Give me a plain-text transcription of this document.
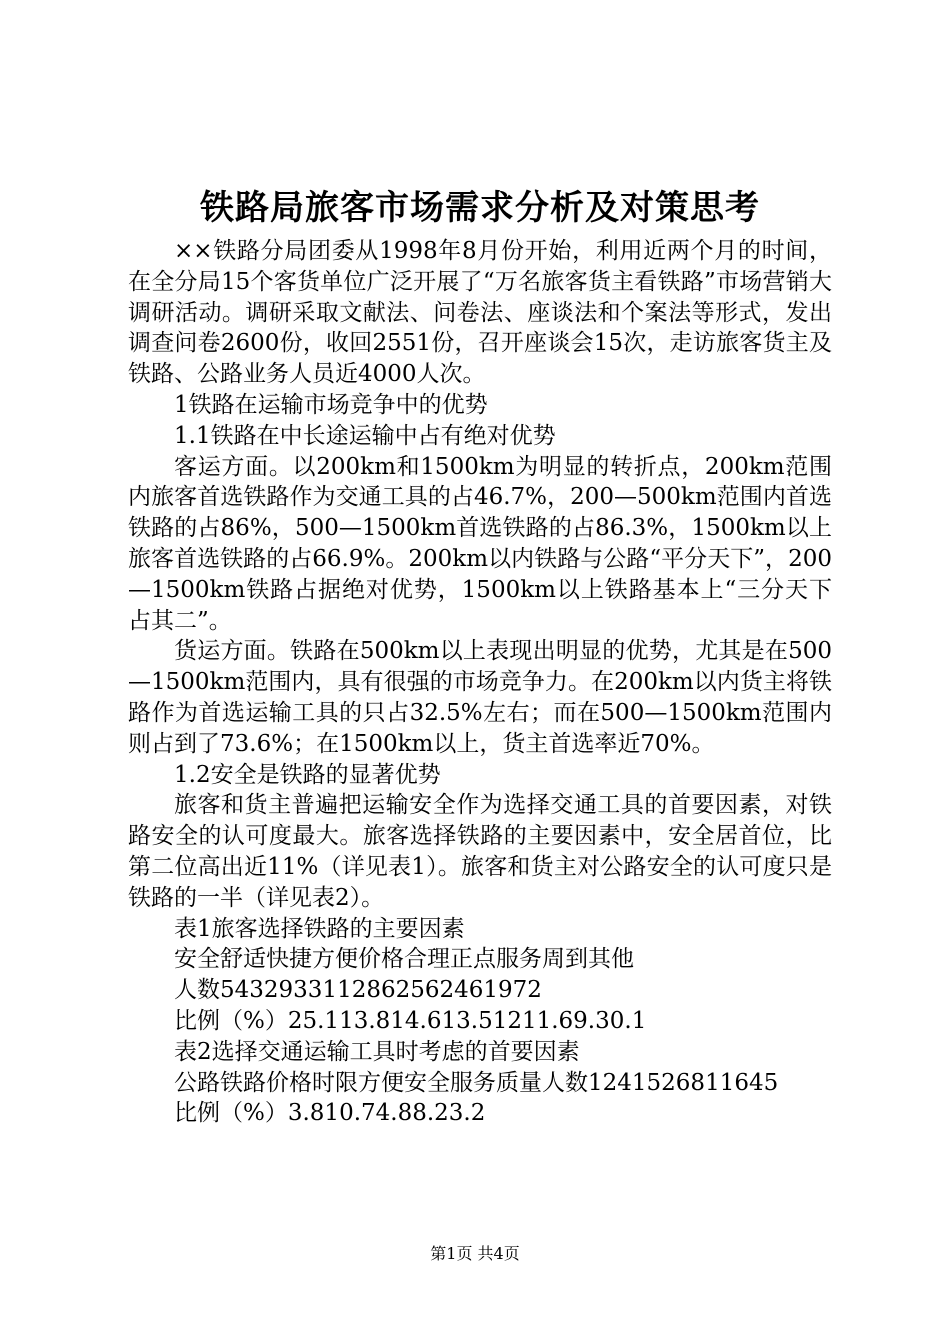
铁路局旅客市场需求分析及对策思考

××铁路分局团委从1998年8月份开始，利用近两个月的时间，在全分局15个客货单位广泛开展了“万名旅客货主看铁路”市场营销大调研活动。调研采取文献法、问卷法、座谈法和个案法等形式，发出调查问卷2600份，收回2551份，召开座谈会15次，走访旅客货主及铁路、公路业务人员近4000人次。

1铁路在运输市场竞争中的优势

1.1铁路在中长途运输中占有绝对优势

客运方面。以200km和1500km为明显的转折点，200km范围内旅客首选铁路作为交通工具的占46.7%，200—500km范围内首选铁路的占86%，500—1500km首选铁路的占86.3%，1500km以上旅客首选铁路的占66.9%。200km以内铁路与公路“平分天下”，200—1500km铁路占据绝对优势，1500km以上铁路基本上“三分天下占其二”。

货运方面。铁路在500km以上表现出明显的优势，尤其是在500—1500km范围内，具有很强的市场竞争力。在200km以内货主将铁路作为首选运输工具的只占32.5%左右；而在500—1500km范围内则占到了73.6%；在1500km以上，货主首选率近70%。

1.2安全是铁路的显著优势

旅客和货主普遍把运输安全作为选择交通工具的首要因素，对铁路安全的认可度最大。旅客选择铁路的主要因素中，安全居首位，比第二位高出近11%（详见表1）。旅客和货主对公路安全的认可度只是铁路的一半（详见表2）。

表1旅客选择铁路的主要因素

安全舒适快捷方便价格合理正点服务周到其他

人数5432933112862562461972

比例（%）25.113.814.613.51211.69.30.1

表2选择交通运输工具时考虑的首要因素

公路铁路价格时限方便安全服务质量人数1241526811645

比例（%）3.810.74.88.23.2

第1页 共4页
